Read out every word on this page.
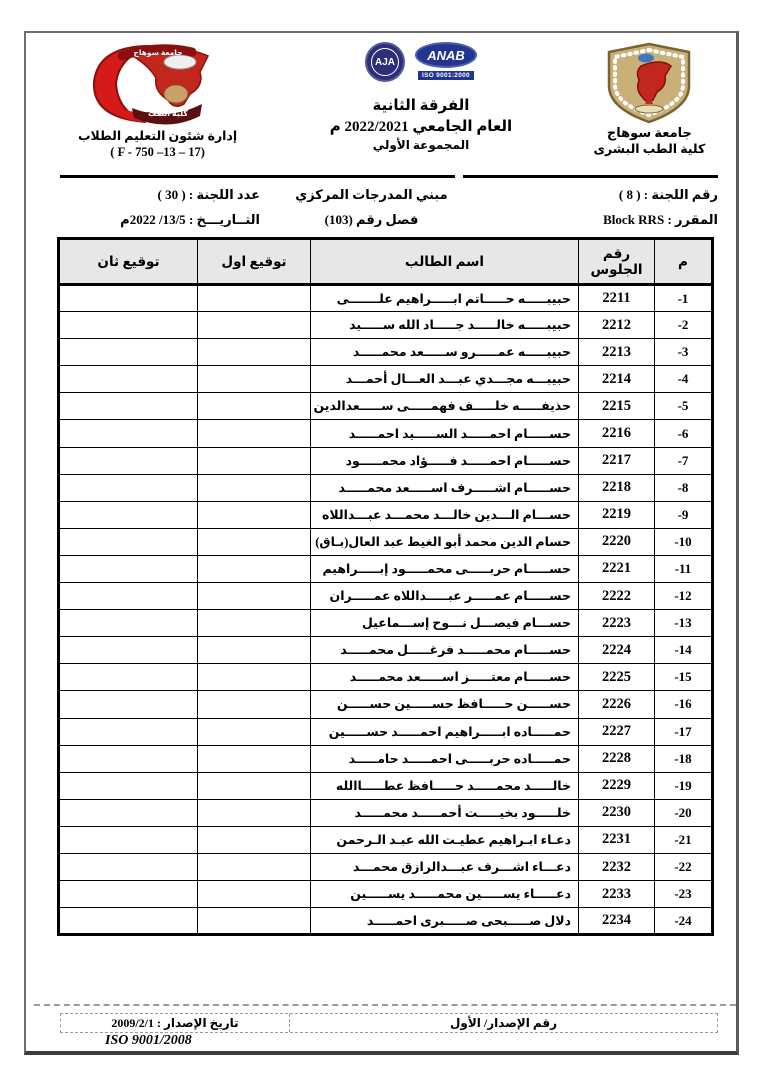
جامعة سوهاج
كلية الطب البشرى
ANAB
ISO 9001:2000
AJA
الفرقة الثانية
العام الجامعي 2022/2021 م
المجموعة الأولي
جامعة سوهاج
كلية الطب
إدارة شئون التعليم الطلاب
( F - 750 –13 – 17)
رقم اللجنة : ( 8 )
المقرر : Block RRS
مبني المدرجات المركزي
فصل رقم (103)
عدد اللجنة : ( 30 )
التــاريـــخ : 13/5/ 2022م
م	رقم الجلوس	اسم الطالب	توقيع اول	توقيع ثان
-1	2211	حبيبـــــه حـــــاتم ابـــــراهيم علـــــــى		
-2	2212	حبيبـــــه خالـــــد جـــــاد الله ســـــيد		
-3	2213	حبيبـــــه عمـــــرو ســـــعد محمـــــد		
-4	2214	حبيبـــه مجـــدي عبـــد العـــال أحمـــد		
-5	2215	حذيفـــــه خلـــــف فهمـــــى ســـــعدالدين		
-6	2216	حســـــام احمـــــد الســـــيد احمـــــد		
-7	2217	حســـــام احمـــــد فـــــؤاد محمـــــود		
-8	2218	حســـــام اشـــــرف اســـــعد محمـــــد		
-9	2219	حســـام الـــدين خالـــد محمـــد عبـــداللاه		
-10	2220	حسام الدين محمد أبو الغيط عبد العال(بـاق)		
-11	2221	حســـــام حربـــــى محمـــــود إبـــــراهيم		
-12	2222	حســـــام عمـــــر عبـــــداللاه عمـــــران		
-13	2223	حســـام فيصـــل نـــوح إســـماعيل		
-14	2224	حســـــام محمـــــد فرغـــــل محمـــــد		
-15	2225	حســـــام معتـــــز اســـــعد محمـــــد		
-16	2226	حســـــن حـــــافظ حســـــين حســـــن		
-17	2227	حمـــــاده ابـــــراهيم احمـــــد حســـــين		
-18	2228	حمـــــاده حربـــــى احمـــــد حامـــــد		
-19	2229	خالـــــد محمـــــد حـــــافظ عطـــــاالله		
-20	2230	خلـــــود بخيـــــت أحمـــــد محمـــــد		
-21	2231	دعـاء ابـراهيم عطيـت الله عبـد الـرحمن		
-22	2232	دعـــاء اشـــرف عبـــدالرازق محمـــد		
-23	2233	دعـــــاء يســـــين محمـــــد يســـــين		
-24	2234	دلال صـــــبحى صـــــبرى احمـــــد		
رقم الإصدار/ الأول
تاريخ الإصدار : 2009/2/1
ISO 9001/2008
